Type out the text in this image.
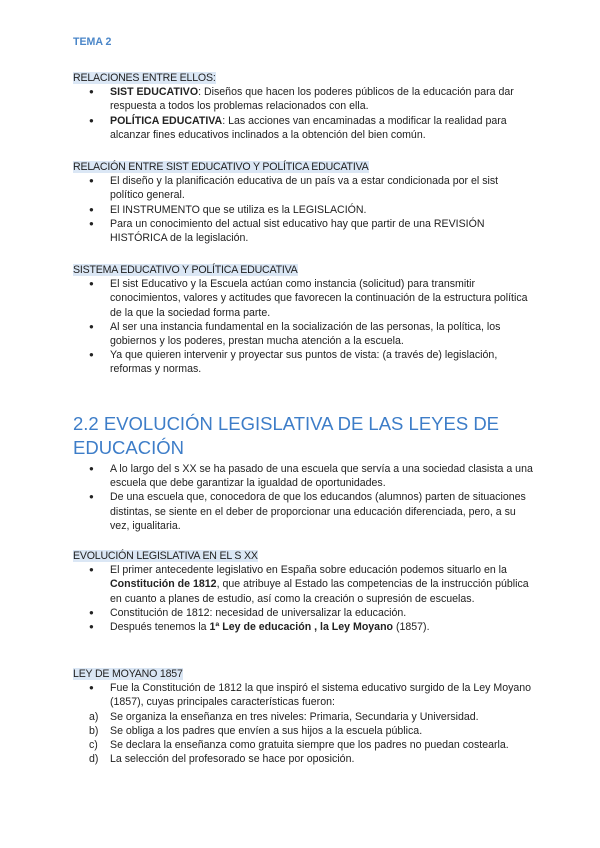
TEMA 2
RELACIONES ENTRE ELLOS:
● SIST EDUCATIVO: Diseños que hacen los poderes públicos de la educación para dar respuesta a todos los problemas relacionados con ella.
● POLÍTICA EDUCATIVA: Las acciones van encaminadas a modificar la realidad para alcanzar fines educativos inclinados a la obtención del bien común.
RELACIÓN ENTRE SIST EDUCATIVO Y POLÍTICA EDUCATIVA
● El diseño y la planificación educativa de un país va a estar condicionada por el sist político general.
● El INSTRUMENTO que se utiliza es la LEGISLACIÓN.
● Para un conocimiento del actual sist educativo hay que partir de una REVISIÓN HISTÓRICA de la legislación.
SISTEMA EDUCATIVO Y POLÍTICA EDUCATIVA
● El sist Educativo y la Escuela actúan como instancia (solicitud) para transmitir conocimientos, valores y actitudes que favorecen la continuación de la estructura política de la que la sociedad forma parte.
● Al ser una instancia fundamental en la socialización de las personas, la política, los gobiernos y los poderes, prestan mucha atención a la escuela.
● Ya que quieren intervenir y proyectar sus puntos de vista: (a través de) legislación, reformas y normas.
2.2 EVOLUCIÓN LEGISLATIVA DE LAS LEYES DE EDUCACIÓN
● A lo largo del s XX se ha pasado de una escuela que servía a una sociedad clasista a una escuela que debe garantizar la igualdad de oportunidades.
● De una escuela que, conocedora de que los educandos (alumnos) parten de situaciones distintas, se siente en el deber de proporcionar una educación diferenciada, pero, a su vez, igualitaria.
EVOLUCIÓN LEGISLATIVA EN EL S XX
● El primer antecedente legislativo en España sobre educación podemos situarlo en la Constitución de 1812, que atribuye al Estado las competencias de la instrucción pública en cuanto a planes de estudio, así como la creación o supresión de escuelas.
● Constitución de 1812: necesidad de universalizar la educación.
● Después tenemos la 1ª Ley de educación , la Ley Moyano (1857).
LEY DE MOYANO 1857
● Fue la Constitución de 1812 la que inspiró el sistema educativo surgido de la Ley Moyano (1857), cuyas principales características fueron:
a) Se organiza la enseñanza en tres niveles: Primaria, Secundaria y Universidad.
b) Se obliga a los padres que envíen a sus hijos a la escuela pública.
c) Se declara la enseñanza como gratuita siempre que los padres no puedan costearla.
d) La selección del profesorado se hace por oposición.
